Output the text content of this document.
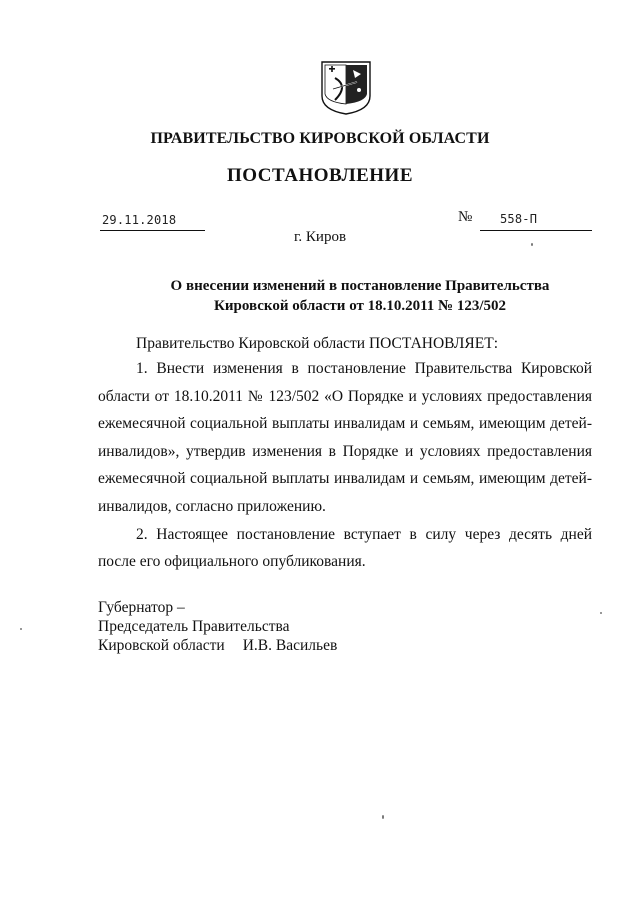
ПРАВИТЕЛЬСТВО КИРОВСКОЙ ОБЛАСТИ
ПОСТАНОВЛЕНИЕ
29.11.2018	№ 558-П
г. Киров
О внесении изменений в постановление Правительства
Кировской области от 18.10.2011 № 123/502
Правительство Кировской области ПОСТАНОВЛЯЕТ:

1. Внести изменения в постановление Правительства Кировской области от 18.10.2011 № 123/502 «О Порядке и условиях предоставления ежемесячной социальной выплаты инвалидам и семьям, имеющим детей-инвалидов», утвердив изменения в Порядке и условиях предоставления ежемесячной социальной выплаты инвалидам и семьям, имеющим детей-инвалидов, согласно приложению.

2. Настоящее постановление вступает в силу через десять дней после его официального опубликования.

Губернатор –
Председатель Правительства
Кировской области И.В. Васильев
